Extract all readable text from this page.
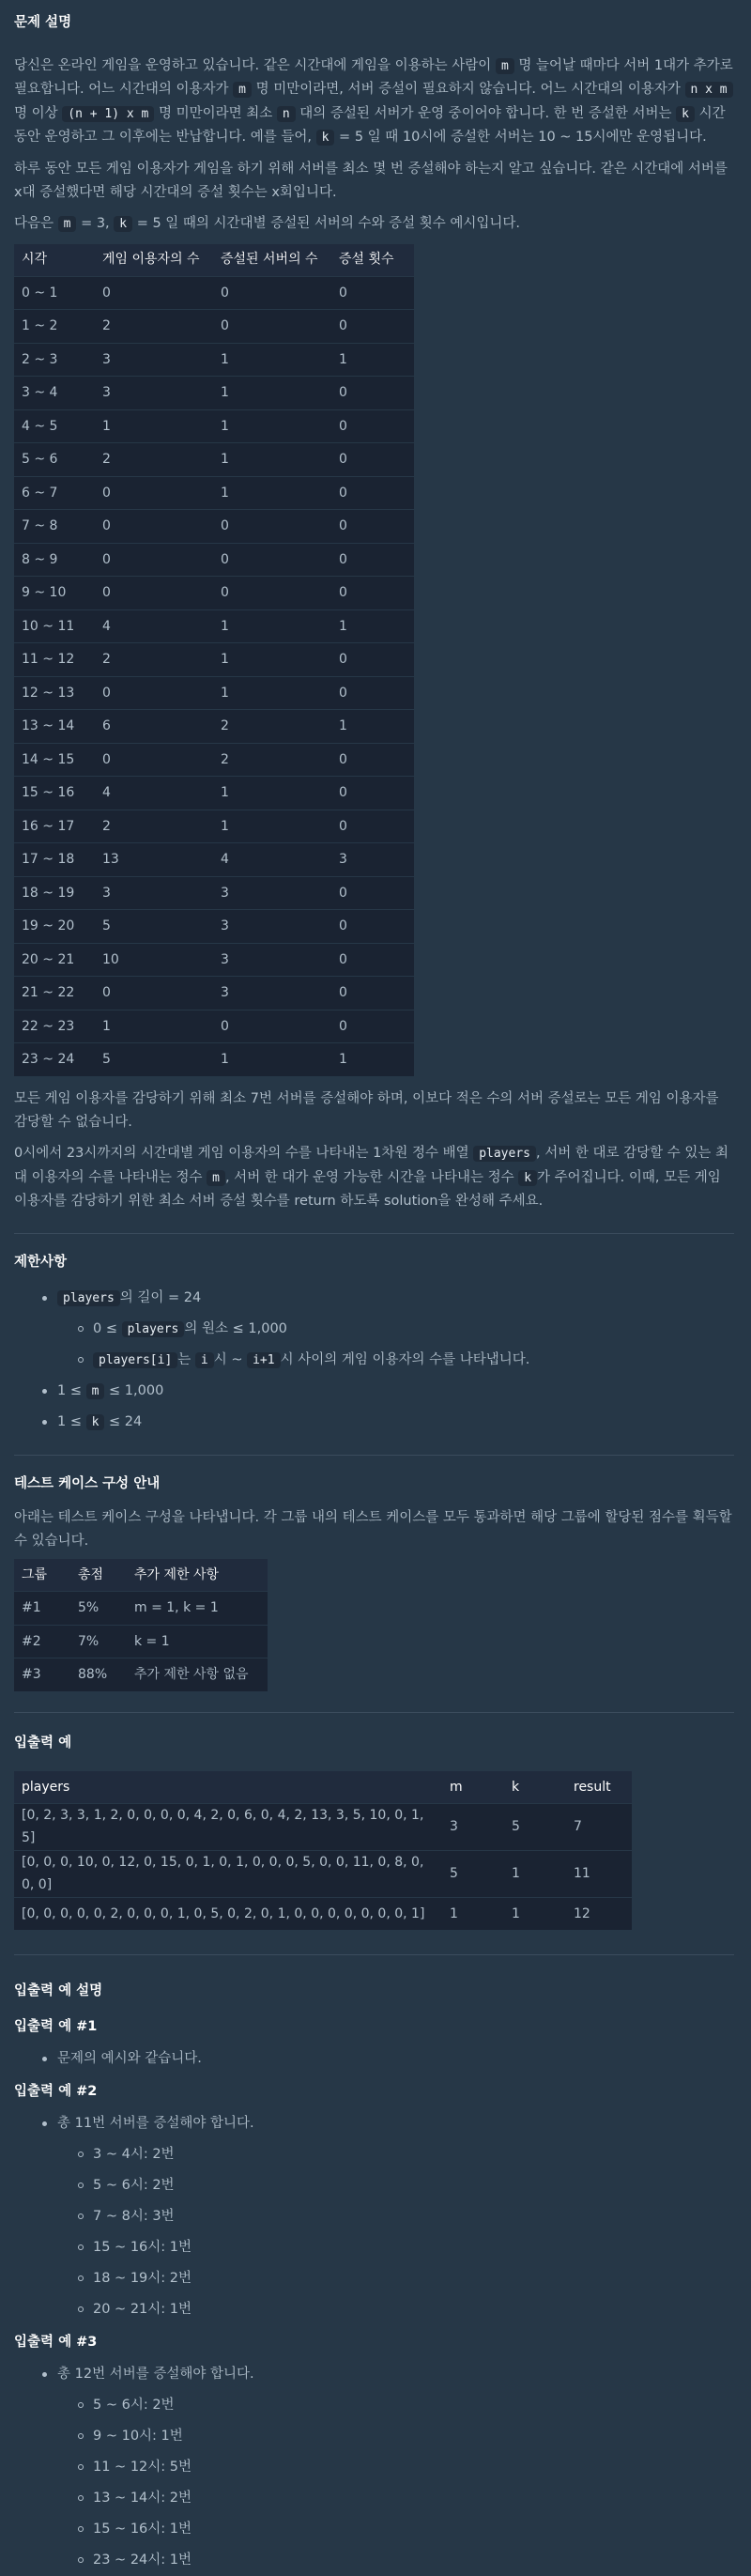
문제 설명

당신은 온라인 게임을 운영하고 있습니다. 같은 시간대에 게임을 이용하는 사람이 m 명 늘어날 때마다 서버 1대가 추가로 필요합니다. 어느 시간대의 이용자가 m 명 미만이라면, 서버 증설이 필요하지 않습니다. 어느 시간대의 이용자가 n x m 명 이상 (n + 1) x m 명 미만이라면 최소 n 대의 증설된 서버가 운영 중이어야 합니다. 한 번 증설한 서버는 k 시간 동안 운영하고 그 이후에는 반납합니다. 예를 들어, k = 5 일 때 10시에 증설한 서버는 10 ~ 15시에만 운영됩니다.

하루 동안 모든 게임 이용자가 게임을 하기 위해 서버를 최소 몇 번 증설해야 하는지 알고 싶습니다. 같은 시간대에 서버를 x대 증설했다면 해당 시간대의 증설 횟수는 x회입니다.

다음은 m = 3, k = 5 일 때의 시간대별 증설된 서버의 수와 증설 횟수 예시입니다.

시각	게임 이용자의 수	증설된 서버의 수	증설 횟수
0 ~ 1	0	0	0
1 ~ 2	2	0	0
2 ~ 3	3	1	1
3 ~ 4	3	1	0
4 ~ 5	1	1	0
5 ~ 6	2	1	0
6 ~ 7	0	1	0
7 ~ 8	0	0	0
8 ~ 9	0	0	0
9 ~ 10	0	0	0
10 ~ 11	4	1	1
11 ~ 12	2	1	0
12 ~ 13	0	1	0
13 ~ 14	6	2	1
14 ~ 15	0	2	0
15 ~ 16	4	1	0
16 ~ 17	2	1	0
17 ~ 18	13	4	3
18 ~ 19	3	3	0
19 ~ 20	5	3	0
20 ~ 21	10	3	0
21 ~ 22	0	3	0
22 ~ 23	1	0	0
23 ~ 24	5	1	1

모든 게임 이용자를 감당하기 위해 최소 7번 서버를 증설해야 하며, 이보다 적은 수의 서버 증설로는 모든 게임 이용자를 감당할 수 없습니다.

0시에서 23시까지의 시간대별 게임 이용자의 수를 나타내는 1차원 정수 배열 players , 서버 한 대로 감당할 수 있는 최대 이용자의 수를 나타내는 정수 m , 서버 한 대가 운영 가능한 시간을 나타내는 정수 k 가 주어집니다. 이때, 모든 게임 이용자를 감당하기 위한 최소 서버 증설 횟수를 return 하도록 solution을 완성해 주세요.

제한사항
players 의 길이 = 24
0 ≤ players 의 원소 ≤ 1,000
players[i] 는 i 시 ~ i+1 시 사이의 게임 이용자의 수를 나타냅니다.
1 ≤ m ≤ 1,000
1 ≤ k ≤ 24
테스트 케이스 구성 안내

아래는 테스트 케이스 구성을 나타냅니다. 각 그룹 내의 테스트 케이스를 모두 통과하면 해당 그룹에 할당된 점수를 획득할 수 있습니다.

그룹	총점	추가 제한 사항
#1	5%	m = 1, k = 1
#2	7%	k = 1
#3	88%	추가 제한 사항 없음
입출력 예
players	m	k	result
[0, 2, 3, 3, 1, 2, 0, 0, 0, 0, 4, 2, 0, 6, 0, 4, 2, 13, 3, 5, 10, 0, 1, 5]	3	5	7
[0, 0, 0, 10, 0, 12, 0, 15, 0, 1, 0, 1, 0, 0, 0, 5, 0, 0, 11, 0, 8, 0, 0, 0]	5	1	11
[0, 0, 0, 0, 0, 2, 0, 0, 0, 1, 0, 5, 0, 2, 0, 1, 0, 0, 0, 0, 0, 0, 0, 1]	1	1	12
입출력 예 설명
입출력 예 #1
문제의 예시와 같습니다.
입출력 예 #2
총 11번 서버를 증설해야 합니다.
3 ~ 4시: 2번
5 ~ 6시: 2번
7 ~ 8시: 3번
15 ~ 16시: 1번
18 ~ 19시: 2번
20 ~ 21시: 1번
입출력 예 #3
총 12번 서버를 증설해야 합니다.
5 ~ 6시: 2번
9 ~ 10시: 1번
11 ~ 12시: 5번
13 ~ 14시: 2번
15 ~ 16시: 1번
23 ~ 24시: 1번
